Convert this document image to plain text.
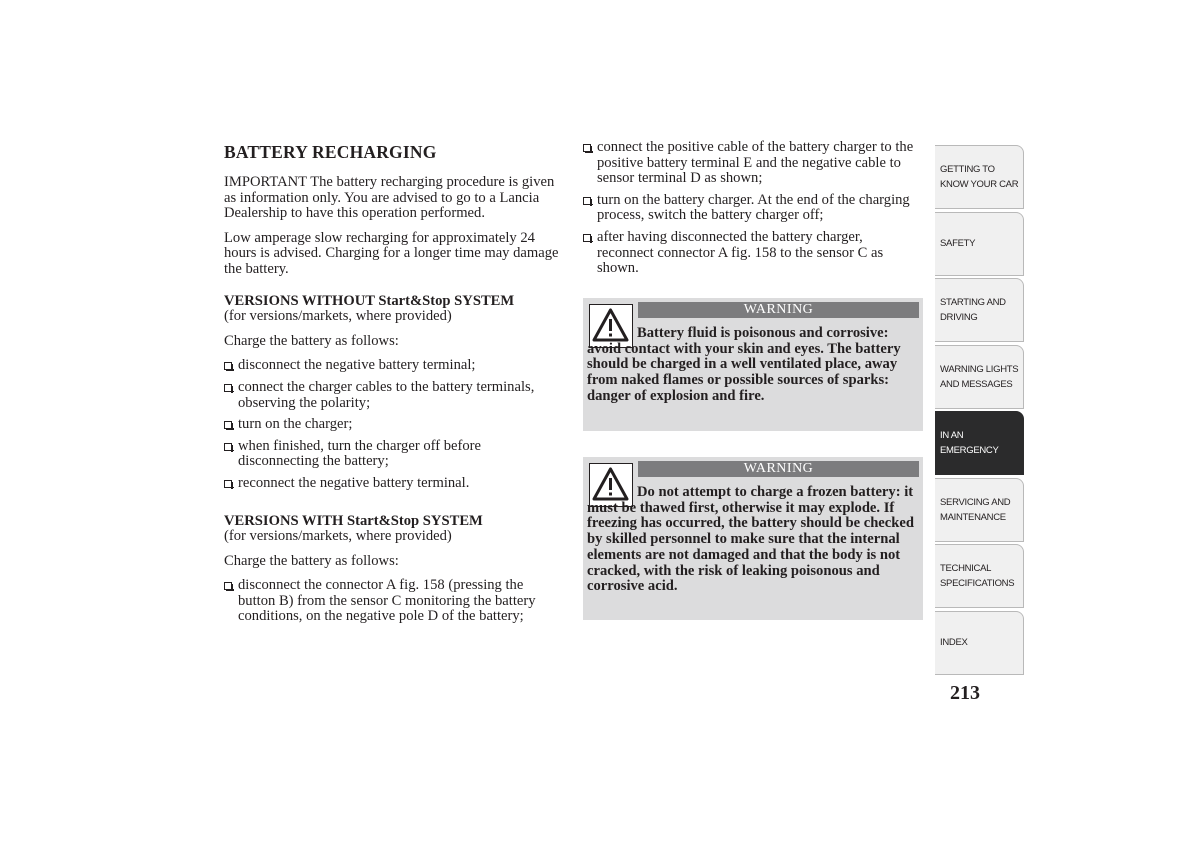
BATTERY RECHARGING

IMPORTANT The battery recharging procedure is given as information only. You are advised to go to a Lancia Dealership to have this operation performed.

Low amperage slow recharging for approximately 24 hours is advised. Charging for a longer time may damage the battery.

VERSIONS WITHOUT Start&Stop SYSTEM
(for versions/markets, where provided)

Charge the battery as follows:

disconnect the negative battery terminal;
connect the charger cables to the battery terminals, observing the polarity;
turn on the charger;
when finished, turn the charger off before disconnecting the battery;
reconnect the negative battery terminal.
VERSIONS WITH Start&Stop SYSTEM
(for versions/markets, where provided)

Charge the battery as follows:

disconnect the connector A fig. 158 (pressing the button B) from the sensor C monitoring the battery conditions, on the negative pole D of the battery;
connect the positive cable of the battery charger to the positive battery terminal E and the negative cable to sensor terminal D as shown;
turn on the battery charger. At the end of the charging process, switch the battery charger off;
after having disconnected the battery charger, reconnect connector A fig. 158 to the sensor C as shown.
WARNING
Battery fluid is poisonous and corrosive: avoid contact with your skin and eyes. The battery should be charged in a well ventilated place, away from naked flames or possible sources of sparks: danger of explosion and fire.
WARNING
Do not attempt to charge a frozen battery: it must be thawed first, otherwise it may explode. If freezing has occurred, the battery should be checked by skilled personnel to make sure that the internal elements are not damaged and that the body is not cracked, with the risk of leaking poisonous and corrosive acid.
GETTING TO KNOW YOUR CAR
SAFETY
STARTING AND DRIVING
WARNING LIGHTS AND MESSAGES
IN AN EMERGENCY
SERVICING AND MAINTENANCE
TECHNICAL SPECIFICATIONS
INDEX
213
